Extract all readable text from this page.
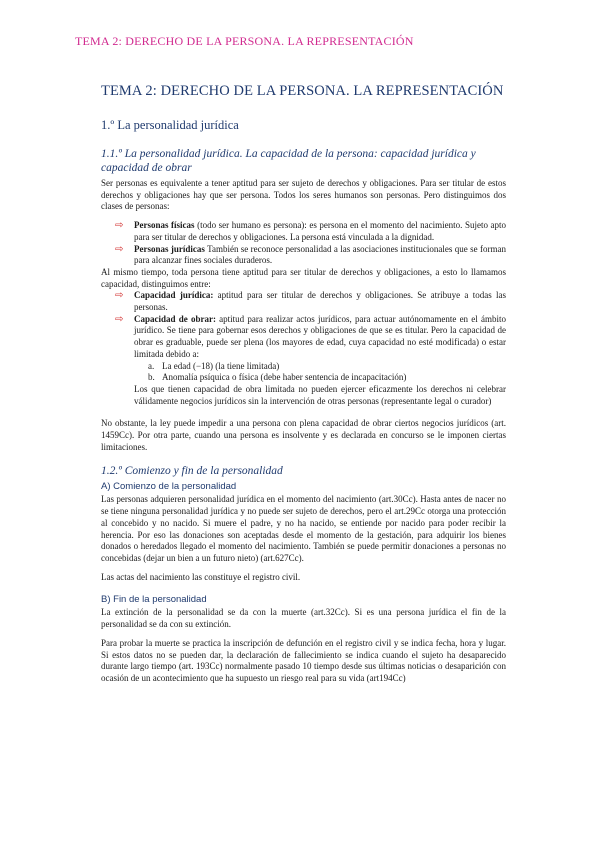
TEMA 2: DERECHO DE LA PERSONA. LA REPRESENTACIÓN
TEMA 2: DERECHO DE LA PERSONA. LA REPRESENTACIÓN
1.º La personalidad jurídica
1.1.º La personalidad jurídica. La capacidad de la persona: capacidad jurídica y capacidad de obrar

Ser personas es equivalente a tener aptitud para ser sujeto de derechos y obligaciones. Para ser titular de estos derechos y obligaciones hay que ser persona. Todos los seres humanos son personas. Pero distinguimos dos clases de personas:

⇨ Personas físicas (todo ser humano es persona): es persona en el momento del nacimiento. Sujeto apto para ser titular de derechos y obligaciones. La persona está vinculada a la dignidad.
⇨ Personas jurídicas También se reconoce personalidad a las asociaciones institucionales que se forman para alcanzar fines sociales duraderos.

Al mismo tiempo, toda persona tiene aptitud para ser titular de derechos y obligaciones, a esto lo llamamos capacidad, distinguimos entre:

⇨ Capacidad jurídica: aptitud para ser titular de derechos y obligaciones. Se atribuye a todas las personas.
⇨ Capacidad de obrar: aptitud para realizar actos jurídicos, para actuar autónomamente en el ámbito jurídico. Se tiene para gobernar esos derechos y obligaciones de que se es titular. Pero la capacidad de obrar es graduable, puede ser plena (los mayores de edad, cuya capacidad no esté modificada) o estar limitada debido a:
a. La edad (−18) (la tiene limitada)
b. Anomalía psíquica o física (debe haber sentencia de incapacitación)

Los que tienen capacidad de obra limitada no pueden ejercer eficazmente los derechos ni celebrar válidamente negocios jurídicos sin la intervención de otras personas (representante legal o curador)

No obstante, la ley puede impedir a una persona con plena capacidad de obrar ciertos negocios jurídicos (art. 1459Cc). Por otra parte, cuando una persona es insolvente y es declarada en concurso se le imponen ciertas limitaciones.

1.2.º Comienzo y fin de la personalidad
A) Comienzo de la personalidad

Las personas adquieren personalidad jurídica en el momento del nacimiento (art.30Cc). Hasta antes de nacer no se tiene ninguna personalidad jurídica y no puede ser sujeto de derechos, pero el art.29Cc otorga una protección al concebido y no nacido. Si muere el padre, y no ha nacido, se entiende por nacido para poder recibir la herencia. Por eso las donaciones son aceptadas desde el momento de la gestación, para adquirir los bienes donados o heredados llegado el momento del nacimiento. También se puede permitir donaciones a personas no concebidas (dejar un bien a un futuro nieto) (art.627Cc).

Las actas del nacimiento las constituye el registro civil.

B) Fin de la personalidad

La extinción de la personalidad se da con la muerte (art.32Cc). Si es una persona jurídica el fin de la personalidad se da con su extinción.

Para probar la muerte se practica la inscripción de defunción en el registro civil y se indica fecha, hora y lugar. Si estos datos no se pueden dar, la declaración de fallecimiento se indica cuando el sujeto ha desaparecido durante largo tiempo (art. 193Cc) normalmente pasado 10 tiempo desde sus últimas noticias o desaparición con ocasión de un acontecimiento que ha supuesto un riesgo real para su vida (art194Cc)
